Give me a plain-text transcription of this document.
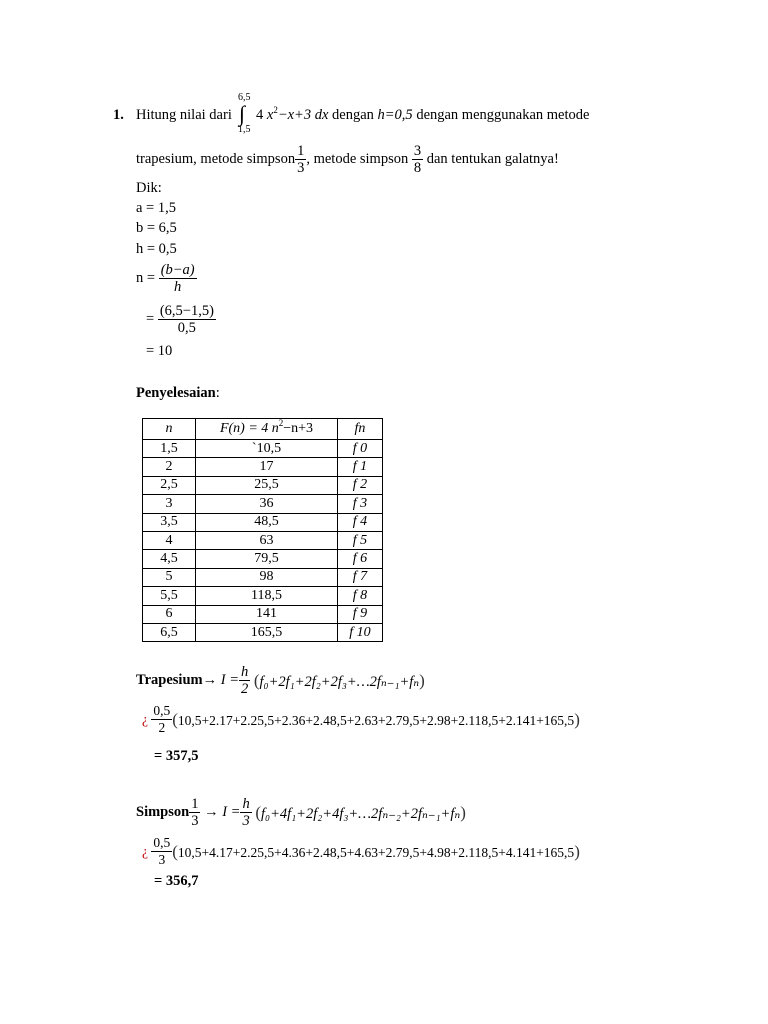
1. Hitung nilai dari
6,5
∫
1,5
4 $x^2-x+3$ dx dengan h=0,5 dengan menggunakan metode
trapesium, metode simpson $\frac{1}{3}$ , metode simpson $\frac{3}{8}$ dan tentukan galatnya!
Dik:
a = 1,5
b = 6,5
h = 0,5
$n = \frac{(b-a)}{h}$
= $\frac{(6,5-1,5)}{0,5}$
= 10
Penyelesaian:
n	F(n) = 4 $n^2-n+3$	fn
1,5	`10,5	f 0
2	17	f 1
2,5	25,5	f 2
3	36	f 3
3,5	48,5	f 4
4	63	f 5
4,5	79,5	f 6
5	98	f 7
5,5	118,5	f 8
6	141	f 9
6,5	165,5	f 10
Trapesium→ $I = \frac{h}{2}$ (f₀+2f₁+2f₂+2f₃+…2fₙ₋₁+fₙ)
¿ $\frac{0,5}{2} (10,5+2.17+2.25,5+2.36+2.48,5+2.63+2.79,5+2.98+2.118,5+2.141+165,5)$
= 357,5
Simpson $\frac{1}{3} \to I = \frac{h}{3}$ (f₀+4f₁+2f₂+4f₃+…2fₙ₋₂+2fₙ₋₁+fₙ)
¿ $\frac{0,5}{3} (10,5+4.17+2.25,5+4.36+2.48,5+4.63+2.79,5+4.98+2.118,5+4.141+165,5)$
= 356,7
